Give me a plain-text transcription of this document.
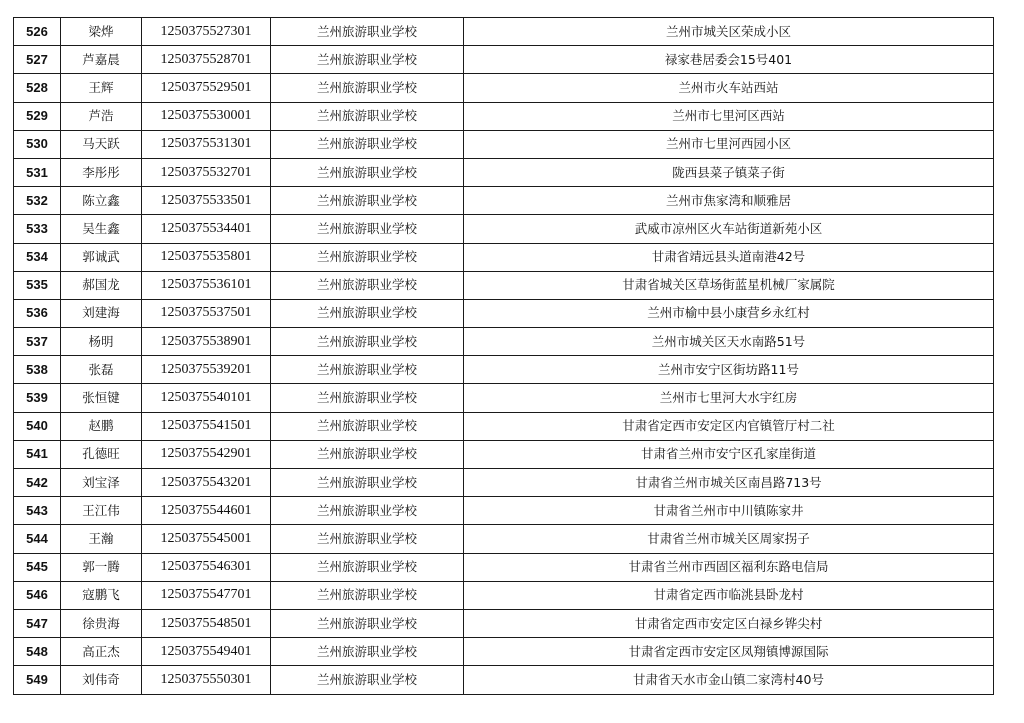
526	梁烨	1250375527301	兰州旅游职业学校	兰州市城关区荣成小区
527	芦嘉晨	1250375528701	兰州旅游职业学校	禄家巷居委会15号401
528	王辉	1250375529501	兰州旅游职业学校	兰州市火车站西站
529	芦浩	1250375530001	兰州旅游职业学校	兰州市七里河区西站
530	马天跃	1250375531301	兰州旅游职业学校	兰州市七里河西园小区
531	李彤彤	1250375532701	兰州旅游职业学校	陇西县菜子镇菜子街
532	陈立鑫	1250375533501	兰州旅游职业学校	兰州市焦家湾和顺雅居
533	吴生鑫	1250375534401	兰州旅游职业学校	武威市凉州区火车站街道新苑小区
534	郭诚武	1250375535801	兰州旅游职业学校	甘肃省靖远县头道南港42号
535	郝国龙	1250375536101	兰州旅游职业学校	甘肃省城关区草场街蓝星机械厂家属院
536	刘建海	1250375537501	兰州旅游职业学校	兰州市榆中县小康营乡永红村
537	杨明	1250375538901	兰州旅游职业学校	兰州市城关区天水南路51号
538	张磊	1250375539201	兰州旅游职业学校	兰州市安宁区街坊路11号
539	张恒键	1250375540101	兰州旅游职业学校	兰州市七里河大水宇红房
540	赵鹏	1250375541501	兰州旅游职业学校	甘肃省定西市安定区内官镇管厅村二社
541	孔德旺	1250375542901	兰州旅游职业学校	甘肃省兰州市安宁区孔家崖街道
542	刘宝泽	1250375543201	兰州旅游职业学校	甘肃省兰州市城关区南昌路713号
543	王江伟	1250375544601	兰州旅游职业学校	甘肃省兰州市中川镇陈家井
544	王瀚	1250375545001	兰州旅游职业学校	甘肃省兰州市城关区周家拐子
545	郭一腾	1250375546301	兰州旅游职业学校	甘肃省兰州市西固区福利东路电信局
546	寇鹏飞	1250375547701	兰州旅游职业学校	甘肃省定西市临洮县卧龙村
547	徐贵海	1250375548501	兰州旅游职业学校	甘肃省定西市安定区白禄乡铧尖村
548	高正杰	1250375549401	兰州旅游职业学校	甘肃省定西市安定区凤翔镇博源国际
549	刘伟奇	1250375550301	兰州旅游职业学校	甘肃省天水市金山镇二家湾村40号
